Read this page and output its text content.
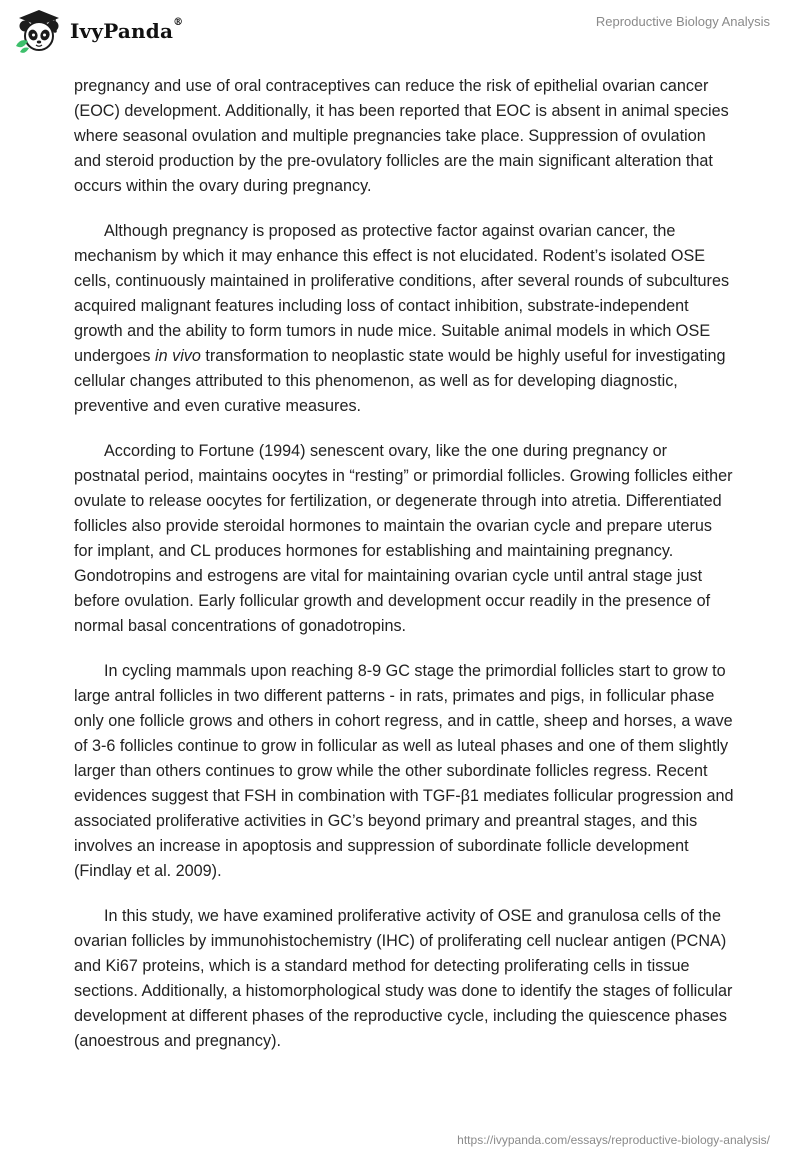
IvyPanda®	Reproductive Biology Analysis

pregnancy and use of oral contraceptives can reduce the risk of epithelial ovarian cancer (EOC) development. Additionally, it has been reported that EOC is absent in animal species where seasonal ovulation and multiple pregnancies take place. Suppression of ovulation and steroid production by the pre-ovulatory follicles are the main significant alteration that occurs within the ovary during pregnancy.

Although pregnancy is proposed as protective factor against ovarian cancer, the mechanism by which it may enhance this effect is not elucidated. Rodent’s isolated OSE cells, continuously maintained in proliferative conditions, after several rounds of subcultures acquired malignant features including loss of contact inhibition, substrate-independent growth and the ability to form tumors in nude mice. Suitable animal models in which OSE undergoes in vivo transformation to neoplastic state would be highly useful for investigating cellular changes attributed to this phenomenon, as well as for developing diagnostic, preventive and even curative measures.

According to Fortune (1994) senescent ovary, like the one during pregnancy or postnatal period, maintains oocytes in “resting” or primordial follicles. Growing follicles either ovulate to release oocytes for fertilization, or degenerate through into atretia. Differentiated follicles also provide steroidal hormones to maintain the ovarian cycle and prepare uterus for implant, and CL produces hormones for establishing and maintaining pregnancy. Gondotropins and estrogens are vital for maintaining ovarian cycle until antral stage just before ovulation. Early follicular growth and development occur readily in the presence of normal basal concentrations of gonadotropins.

In cycling mammals upon reaching 8-9 GC stage the primordial follicles start to grow to large antral follicles in two different patterns - in rats, primates and pigs, in follicular phase only one follicle grows and others in cohort regress, and in cattle, sheep and horses, a wave of 3-6 follicles continue to grow in follicular as well as luteal phases and one of them slightly larger than others continues to grow while the other subordinate follicles regress. Recent evidences suggest that FSH in combination with TGF-β1 mediates follicular progression and associated proliferative activities in GC’s beyond primary and preantral stages, and this involves an increase in apoptosis and suppression of subordinate follicle development (Findlay et al. 2009).

In this study, we have examined proliferative activity of OSE and granulosa cells of the ovarian follicles by immunohistochemistry (IHC) of proliferating cell nuclear antigen (PCNA) and Ki67 proteins, which is a standard method for detecting proliferating cells in tissue sections. Additionally, a histomorphological study was done to identify the stages of follicular development at different phases of the reproductive cycle, including the quiescence phases (anoestrous and pregnancy).

https://ivypanda.com/essays/reproductive-biology-analysis/
